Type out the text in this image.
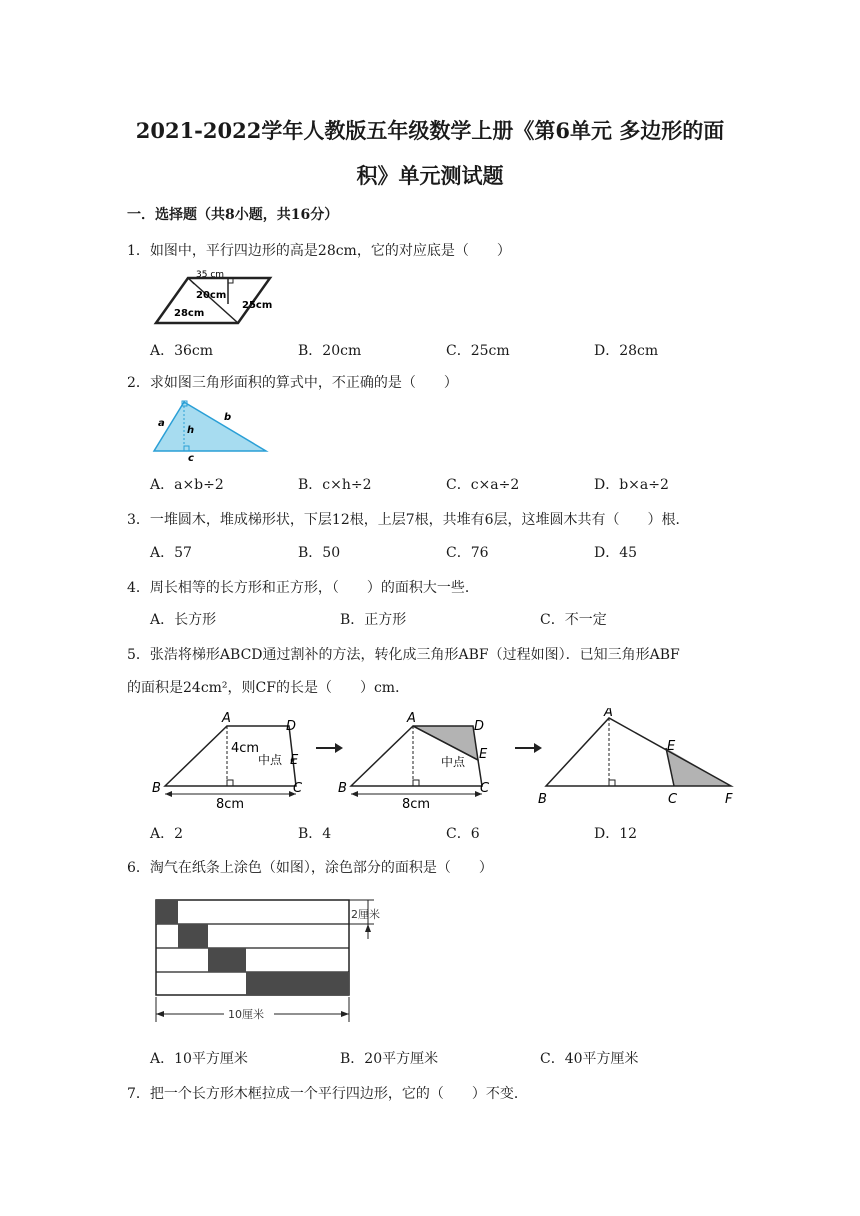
2021-2022学年人教版五年级数学上册《第6单元 多边形的面
积》单元测试题
一．选择题（共8小题，共16分）
1．如图中，平行四边形的高是28cm，它的对应底是（　　）
35 cm
20cm
28cm
25cm
A．36cm	B．20cm	C．25cm	D．28cm
2．求如图三角形面积的算式中，不正确的是（　　）
a
b
h
c
A．a×b÷2	B．c×h÷2	C．c×a÷2	D．b×a÷2
3．一堆圆木，堆成梯形状，下层12根，上层7根，共堆有6层，这堆圆木共有（　　）根．
A．57	B．50	C．76	D．45
4．周长相等的长方形和正方形，（　　）的面积大一些．
A．长方形	B．正方形	C．不一定
5．张浩将梯形ABCD通过割补的方法，转化成三角形ABF（过程如图）．已知三角形ABF
的面积是24cm²，则CF的长是（　　）cm．
A
D
B	C
E
4cm
中点
8cm
A
D
B	C
E
中点
8cm
A
E
B	C	F
A．2	B．4	C．6	D．12
6．淘气在纸条上涂色（如图），涂色部分的面积是（　　）
2厘米
10厘米
A．10平方厘米	B．20平方厘米	C．40平方厘米
7．把一个长方形木框拉成一个平行四边形，它的（　　）不变．
